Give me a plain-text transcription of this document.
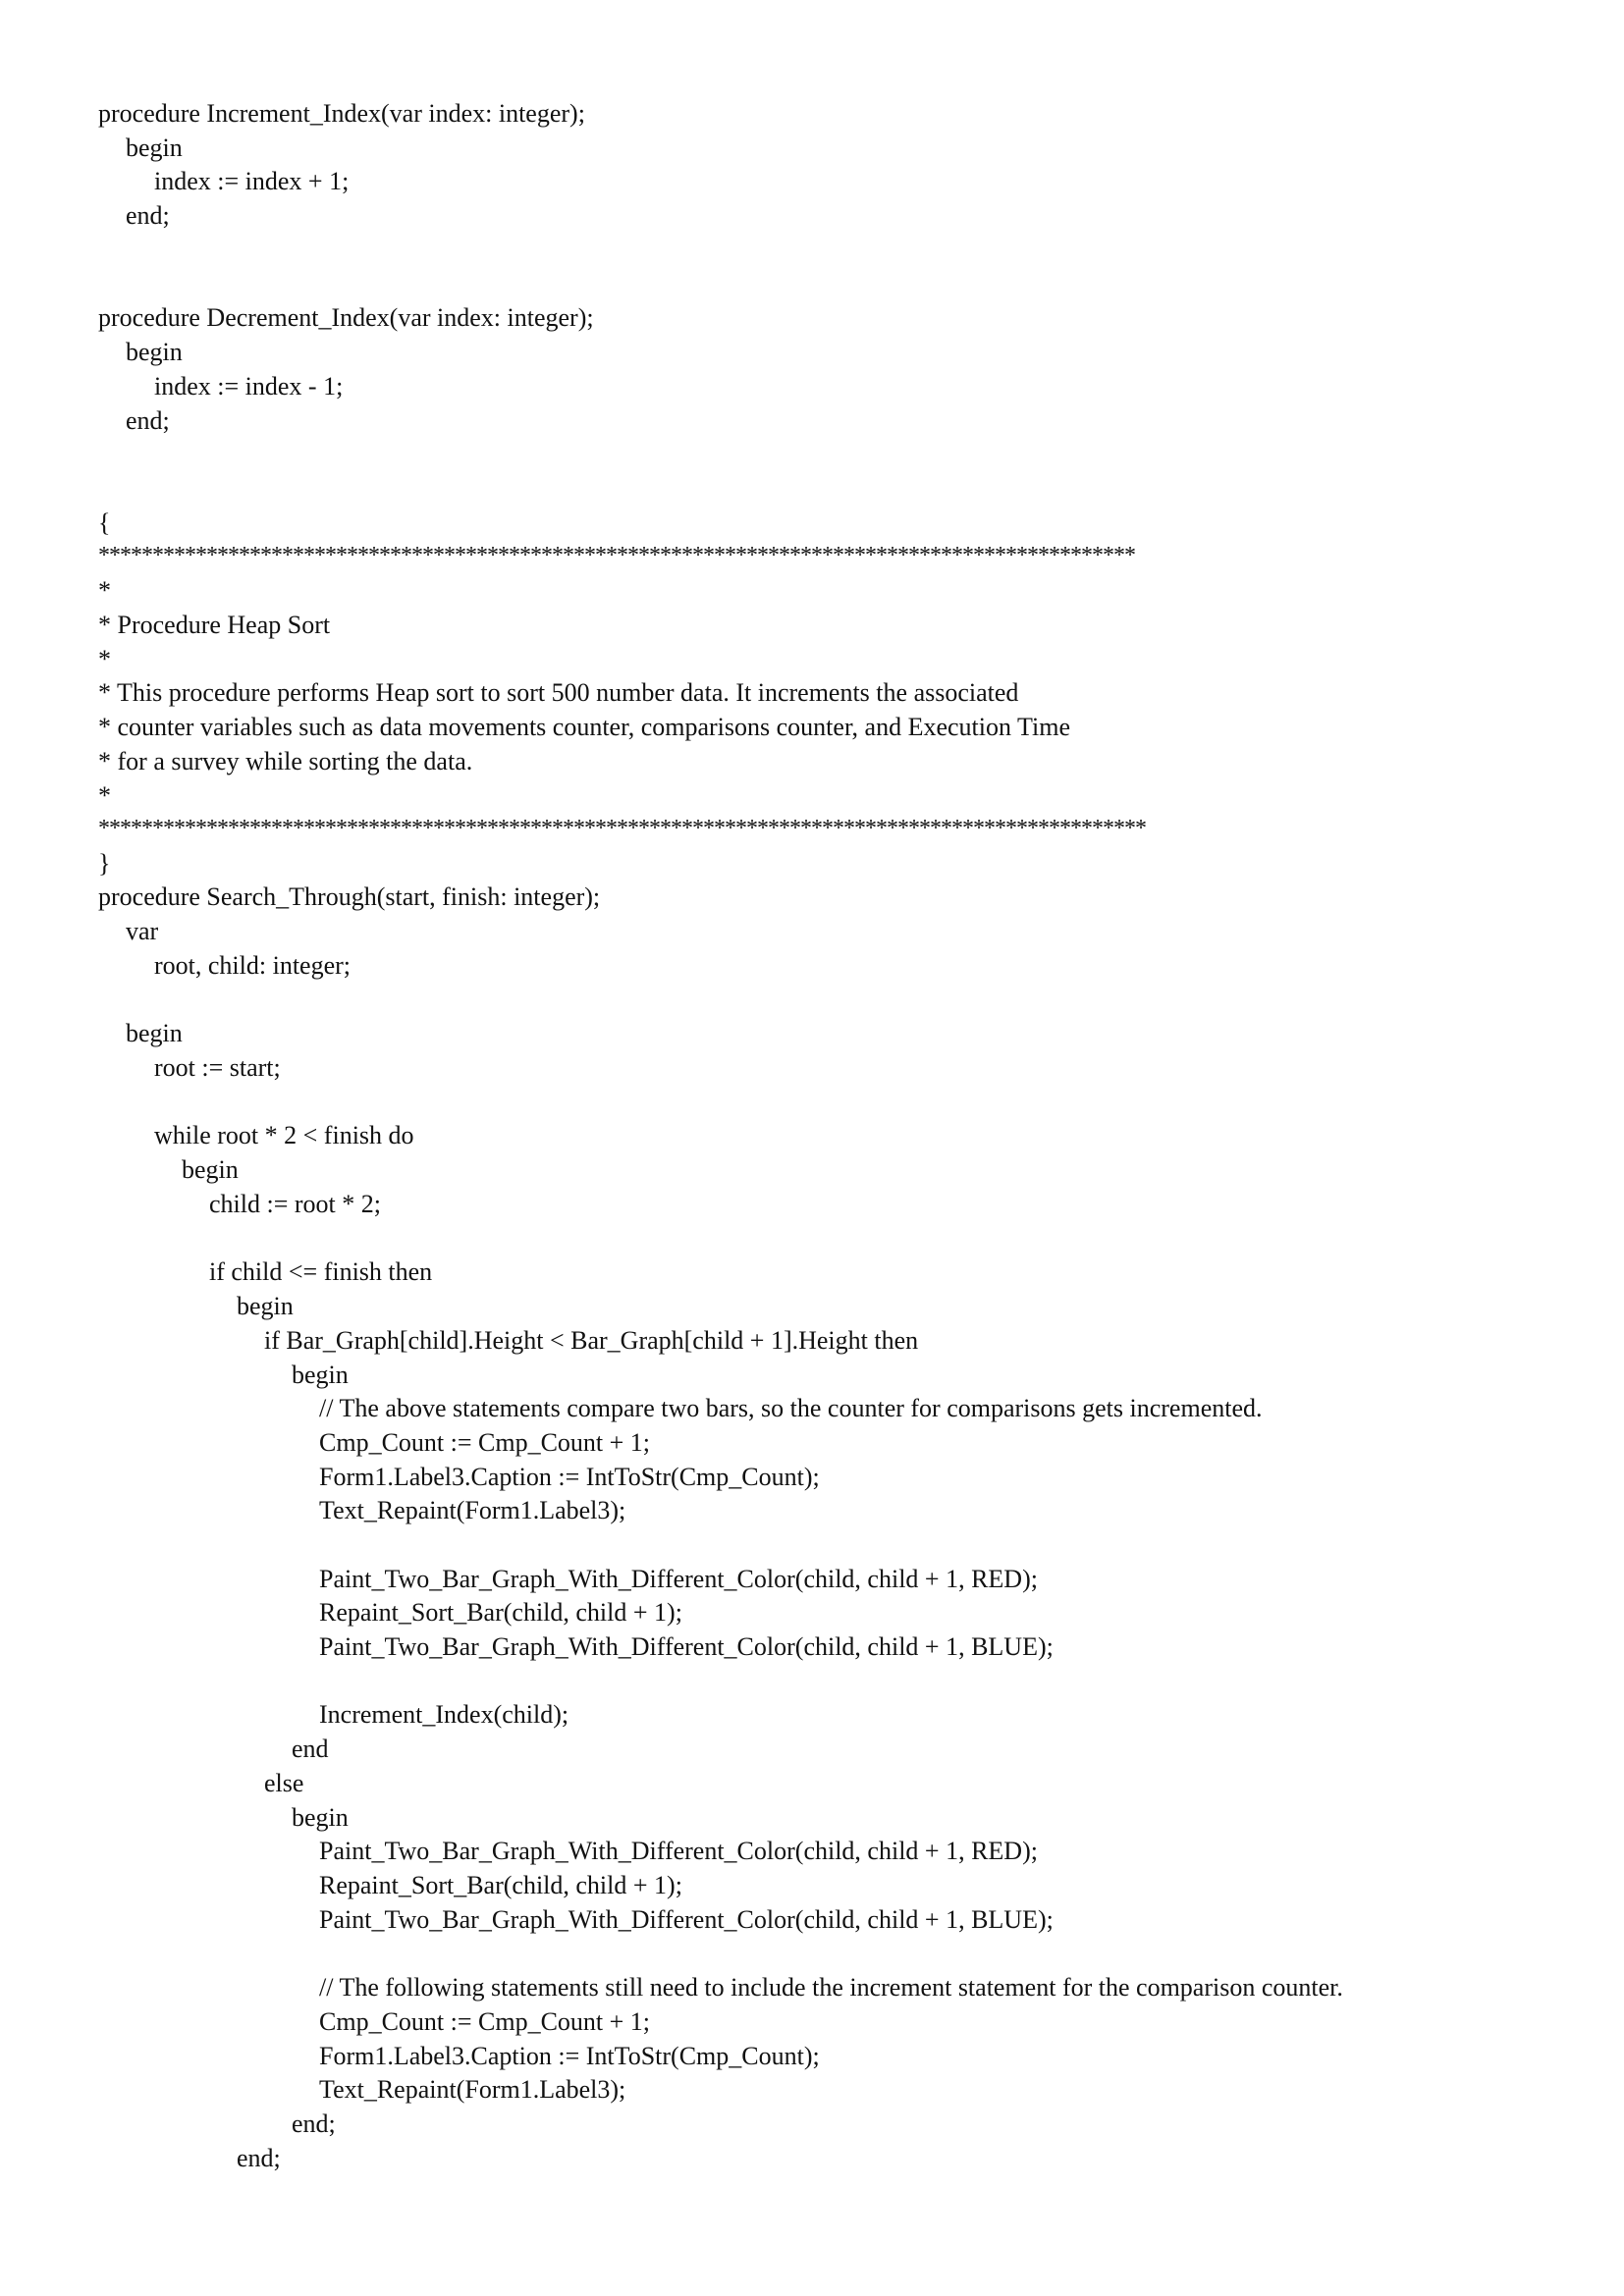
procedure Increment_Index(var index: integer);
begin
index := index + 1;
end;
procedure Decrement_Index(var index: integer);
begin
index := index - 1;
end;
{
************************************************************************************************
*
* Procedure Heap Sort
*
* This procedure performs Heap sort to sort 500 number data. It increments the associated
* counter variables such as data movements counter, comparisons counter, and Execution Time
* for a survey while sorting the data.
*
*************************************************************************************************
}
procedure Search_Through(start, finish: integer);
var
root, child: integer;
begin
root := start;
while root * 2 < finish do
begin
child := root * 2;
if child <= finish then
begin
if Bar_Graph[child].Height < Bar_Graph[child + 1].Height then
begin
// The above statements compare two bars, so the counter for comparisons gets incremented.
Cmp_Count := Cmp_Count + 1;
Form1.Label3.Caption := IntToStr(Cmp_Count);
Text_Repaint(Form1.Label3);
Paint_Two_Bar_Graph_With_Different_Color(child, child + 1, RED);
Repaint_Sort_Bar(child, child + 1);
Paint_Two_Bar_Graph_With_Different_Color(child, child + 1, BLUE);
Increment_Index(child);
end
else
begin
Paint_Two_Bar_Graph_With_Different_Color(child, child + 1, RED);
Repaint_Sort_Bar(child, child + 1);
Paint_Two_Bar_Graph_With_Different_Color(child, child + 1, BLUE);
// The following statements still need to include the increment statement for the comparison counter.
Cmp_Count := Cmp_Count + 1;
Form1.Label3.Caption := IntToStr(Cmp_Count);
Text_Repaint(Form1.Label3);
end;
end;
